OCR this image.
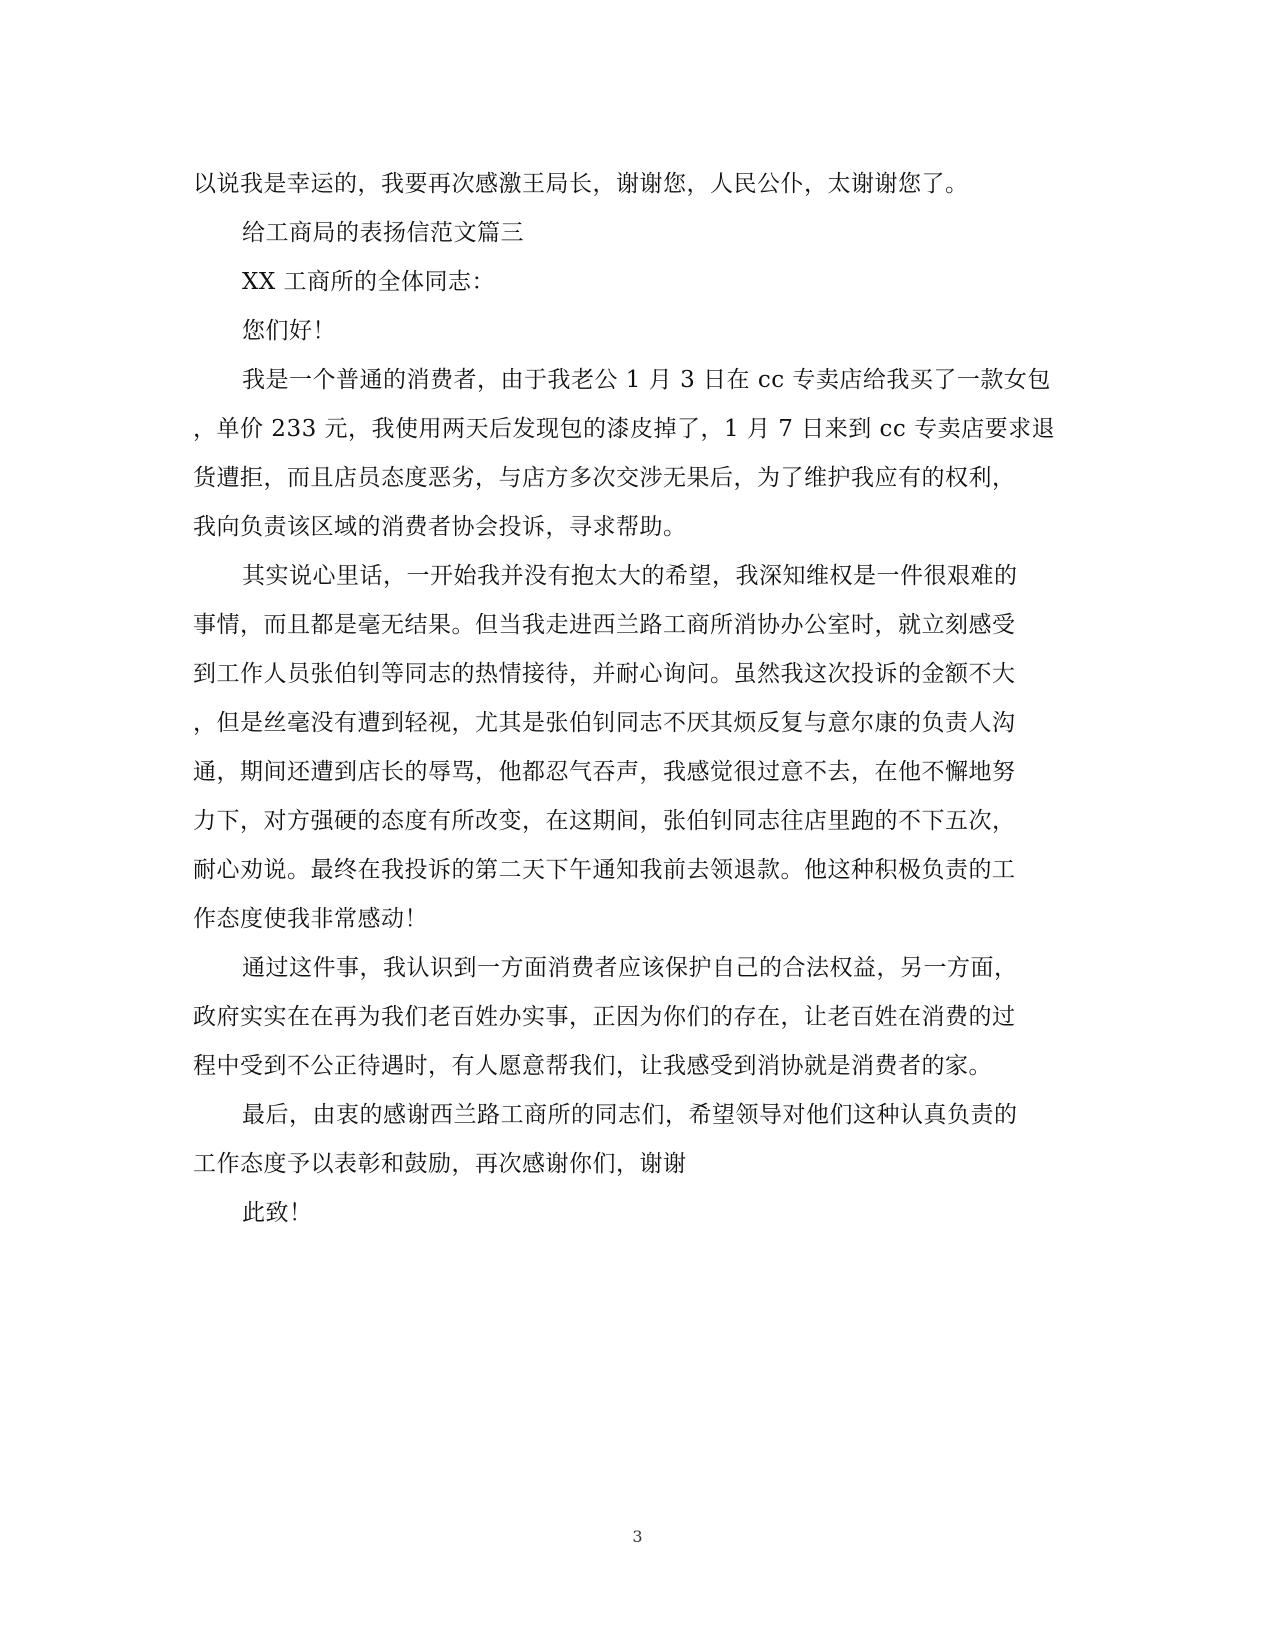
以说我是幸运的，我要再次感激王局长，谢谢您，人民公仆，太谢谢您了。
给工商局的表扬信范文篇三
XX 工商所的全体同志：
您们好！
我是一个普通的消费者，由于我老公 1 月 3 日在 cc 专卖店给我买了一款女包
，单价 233 元，我使用两天后发现包的漆皮掉了，1 月 7 日来到 cc 专卖店要求退
货遭拒，而且店员态度恶劣，与店方多次交涉无果后，为了维护我应有的权利，
我向负责该区域的消费者协会投诉，寻求帮助。
其实说心里话，一开始我并没有抱太大的希望，我深知维权是一件很艰难的
事情，而且都是毫无结果。但当我走进西兰路工商所消协办公室时，就立刻感受
到工作人员张伯钊等同志的热情接待，并耐心询问。虽然我这次投诉的金额不大
，但是丝毫没有遭到轻视，尤其是张伯钊同志不厌其烦反复与意尔康的负责人沟
通，期间还遭到店长的辱骂，他都忍气吞声，我感觉很过意不去，在他不懈地努
力下，对方强硬的态度有所改变，在这期间，张伯钊同志往店里跑的不下五次，
耐心劝说。最终在我投诉的第二天下午通知我前去领退款。他这种积极负责的工
作态度使我非常感动！
通过这件事，我认识到一方面消费者应该保护自己的合法权益，另一方面，
政府实实在在再为我们老百姓办实事，正因为你们的存在，让老百姓在消费的过
程中受到不公正待遇时，有人愿意帮我们，让我感受到消协就是消费者的家。
最后，由衷的感谢西兰路工商所的同志们，希望领导对他们这种认真负责的
工作态度予以表彰和鼓励，再次感谢你们，谢谢
此致！
3
